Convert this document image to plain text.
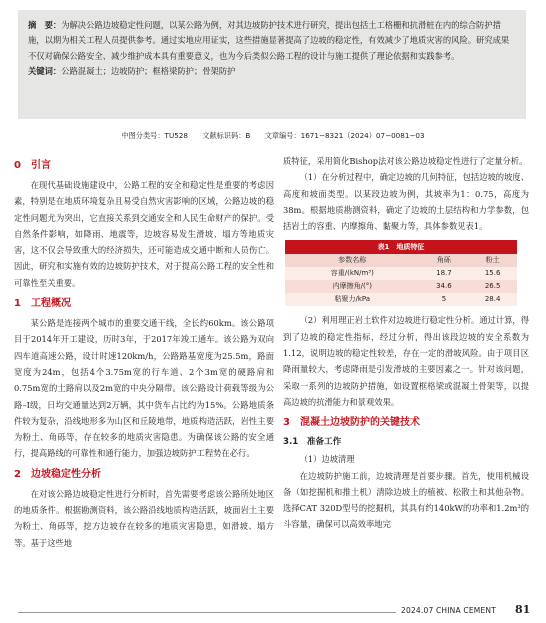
摘　要：为解决公路边坡稳定性问题，以某公路为例，对其边坡防护技术进行研究，提出包括土工格栅和抗滑桩在内的综合防护措施，以期为相关工程人员提供参考。通过实地应用证实，这些措施显著提高了边坡的稳定性，有效减少了地质灾害的风险。研究成果不仅对确保公路安全、减少维护成本具有重要意义，也为今后类似公路工程的设计与施工提供了理论依据和实践参考。
关键词：公路混凝土；边坡防护；框格梁防护；骨架防护
中图分类号：TU528　　文献标识码：B　　文章编号：1671−8321（2024）07−0081−03
0　引言

在现代基础设施建设中，公路工程的安全和稳定性是重要的考虑因素，特别是在地质环境复杂且易受自然灾害影响的区域，公路边坡的稳定性问题尤为突出，它直接关系到交通安全和人民生命财产的保护。受自然条件影响，如降雨、地震等，边坡容易发生滑坡、塌方等地质灾害，这不仅会导致重大的经济损失，还可能造成交通中断和人员伤亡。因此，研究和实施有效的边坡防护技术，对于提高公路工程的安全性和可靠性至关重要。

1　工程概况

某公路是连接两个城市的重要交通干线，全长约60km。该公路项目于2014年开工建设，历时3年，于2017年竣工通车。该公路为双向四车道高速公路，设计时速120km/h，公路路基宽度为25.5m，路面宽度为24m，包括4个3.75m宽的行车道、2个3m宽的硬路肩和0.75m宽的土路肩以及2m宽的中央分隔带。该公路设计荷载等级为公路–I级，日均交通量达到2万辆，其中货车占比约为15%。公路地质条件较为复杂，沿线地形多为山区和丘陵地带，地质构造活跃，岩性主要为粉土、角砾等，存在较多的地质灾害隐患。为确保该公路的安全通行，提高路线的可靠性和通行能力，加强边坡防护工程势在必行。

2　边坡稳定性分析

在对该公路边坡稳定性进行分析时，首先需要考虑该公路所处地区的地质条件。根据勘测资料，该公路沿线地质构造活跃，坡面岩土主要为粉土、角砾等，挖方边坡存在较多的地质灾害隐患，如滑坡、塌方等。基于这些地

质特征，采用简化Bishop法对该公路边坡稳定性进行了定量分析。

（1）在分析过程中，确定边坡的几何特征，包括边坡的坡度、高度和坡面类型。以某段边坡为例，其坡率为1：0.75，高度为38m。根据地质勘测资料，确定了边坡的土层结构和力学参数，包括岩土的容重、内摩擦角、黏聚力等，具体参数见表1。

表1　地质特征
参数名称	角砾	粉土
容重/(kN/m³)	18.7	15.6
内摩擦角/(°)	34.6	26.5
粘聚力/kPa	5	28.4

（2）利用理正岩土软件对边坡进行稳定性分析。通过计算，得到了边坡的稳定性指标，经过分析，得出该段边坡的安全系数为1.12，说明边坡的稳定性较差，存在一定的滑坡风险。由于项目区降雨量较大，考虑降雨是引发滑坡的主要因素之一。针对该问题，采取一系列的边坡防护措施，如设置框格梁或混凝土骨架等，以提高边坡的抗滑能力和景观效果。

3　混凝土边坡防护的关键技术
3.1　准备工作

（1）边坡清理

在边坡防护施工前，边坡清理是首要步骤。首先，使用机械设备（如挖掘机和推土机）清除边坡上的植被、松散土和其他杂物。选择CAT 320D型号的挖掘机，其具有约140kW的功率和1.2m³的斗容量，确保可以高效率地完

2024.07 CHINA CEMENT 81
